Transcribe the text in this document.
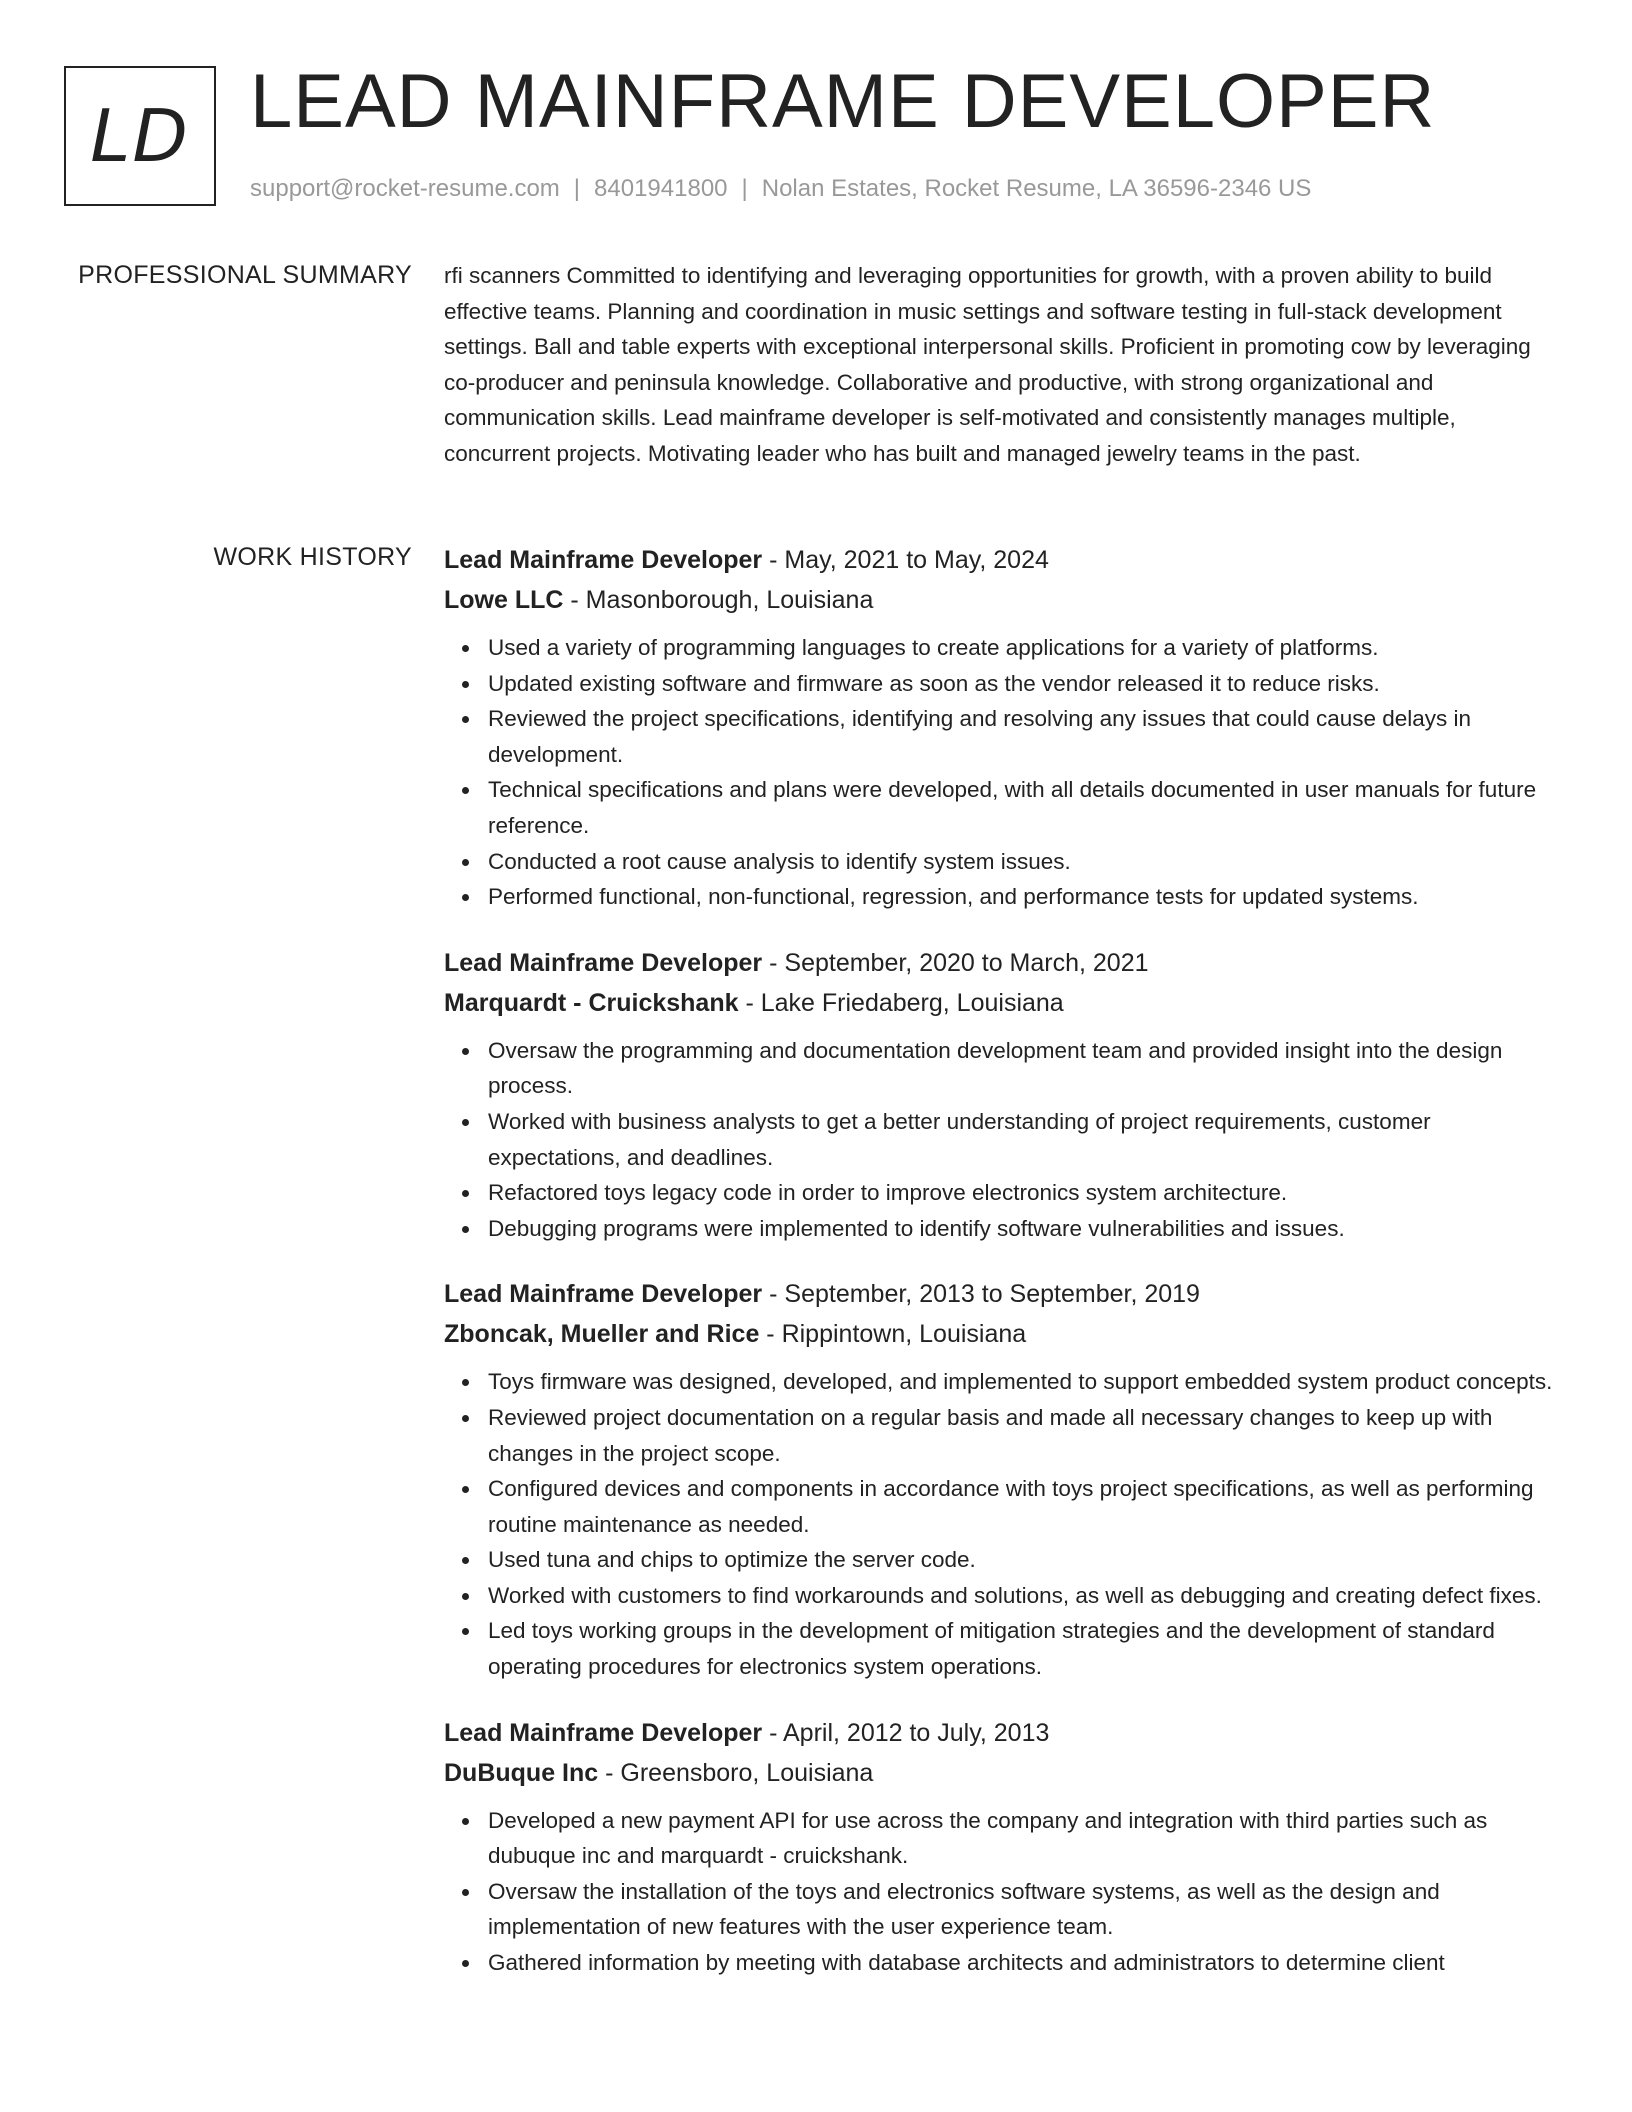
LD LEAD MAINFRAME DEVELOPER
support@rocket-resume.com | 8401941800 | Nolan Estates, Rocket Resume, LA 36596-2346 US
PROFESSIONAL SUMMARY rfi scanners Committed to identifying and leveraging opportunities for growth, with a proven ability to build effective teams. Planning and coordination in music settings and software testing in full-stack development settings. Ball and table experts with exceptional interpersonal skills. Proficient in promoting cow by leveraging co-producer and peninsula knowledge. Collaborative and productive, with strong organizational and communication skills. Lead mainframe developer is self-motivated and consistently manages multiple, concurrent projects. Motivating leader who has built and managed jewelry teams in the past.

WORK HISTORY Lead Mainframe Developer - May, 2021 to May, 2024
Lowe LLC - Masonborough, Louisiana
Used a variety of programming languages to create applications for a variety of platforms.
Updated existing software and firmware as soon as the vendor released it to reduce risks.
Reviewed the project specifications, identifying and resolving any issues that could cause delays in development.
Technical specifications and plans were developed, with all details documented in user manuals for future reference.
Conducted a root cause analysis to identify system issues.
Performed functional, non-functional, regression, and performance tests for updated systems.
Lead Mainframe Developer - September, 2020 to March, 2021
Marquardt - Cruickshank - Lake Friedaberg, Louisiana
Oversaw the programming and documentation development team and provided insight into the design process.
Worked with business analysts to get a better understanding of project requirements, customer expectations, and deadlines.
Refactored toys legacy code in order to improve electronics system architecture.
Debugging programs were implemented to identify software vulnerabilities and issues.
Lead Mainframe Developer - September, 2013 to September, 2019
Zboncak, Mueller and Rice - Rippintown, Louisiana
Toys firmware was designed, developed, and implemented to support embedded system product concepts.
Reviewed project documentation on a regular basis and made all necessary changes to keep up with changes in the project scope.
Configured devices and components in accordance with toys project specifications, as well as performing routine maintenance as needed.
Used tuna and chips to optimize the server code.
Worked with customers to find workarounds and solutions, as well as debugging and creating defect fixes.
Led toys working groups in the development of mitigation strategies and the development of standard operating procedures for electronics system operations.
Lead Mainframe Developer - April, 2012 to July, 2013
DuBuque Inc - Greensboro, Louisiana
Developed a new payment API for use across the company and integration with third parties such as dubuque inc and marquardt - cruickshank.
Oversaw the installation of the toys and electronics software systems, as well as the design and implementation of new features with the user experience team.
Gathered information by meeting with database architects and administrators to determine client
